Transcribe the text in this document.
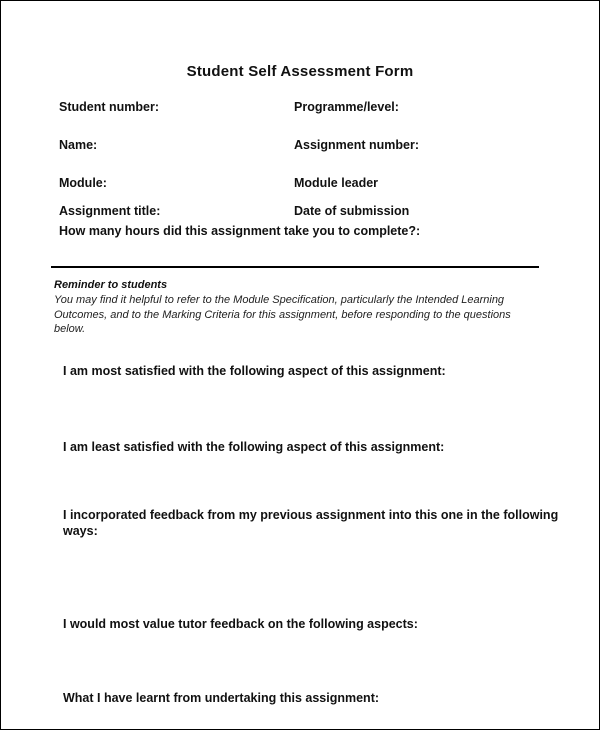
Student Self Assessment Form
Student number:	Programme/level:
Name:	Assignment number:
Module:	Module leader
Assignment title:	Date of submission
How many hours did this assignment take you to complete?:
Reminder to students
You may find it helpful to refer to the Module Specification, particularly the Intended Learning Outcomes, and to the Marking Criteria for this assignment, before responding to the questions below.
I am most satisfied with the following aspect of this assignment:
I am least satisfied with the following aspect of this assignment:
I incorporated feedback from my previous assignment into this one in the following ways:
I would most value tutor feedback on the following aspects:
What I have learnt from undertaking this assignment:
